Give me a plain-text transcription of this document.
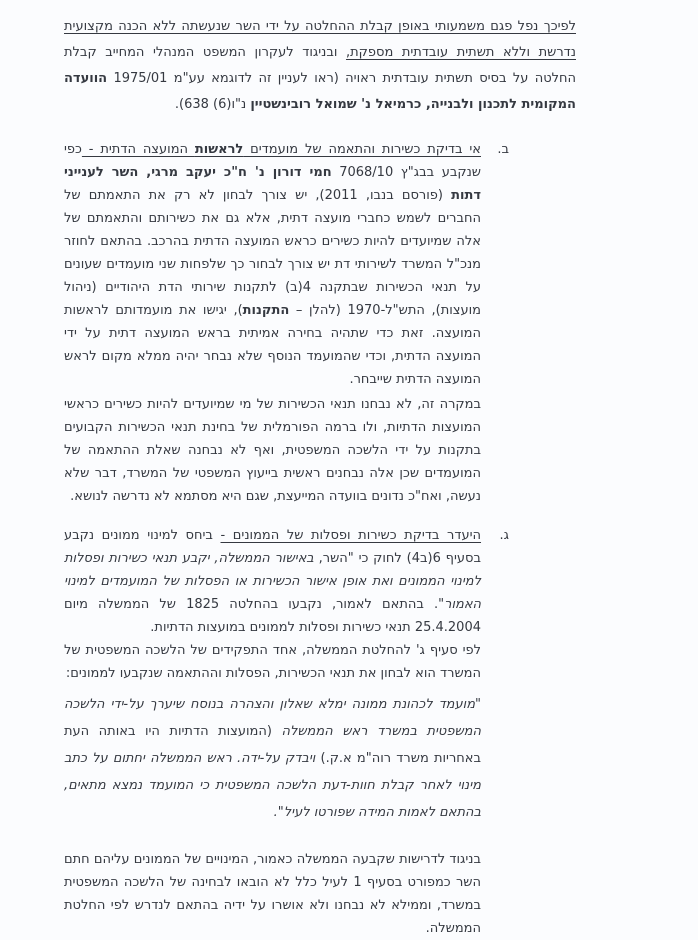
לפיכך נפל פגם משמעותי באופן קבלת ההחלטה על ידי השר שנעשתה ללא הכנה מקצועית נדרשת וללא תשתית עובדתית מספקת, ובניגוד לעקרון המשפט המנהלי המחייב קבלת החלטה על בסיס תשתית עובדתית ראויה (ראו לעניין זה לדוגמא עע"מ 1975/01 הוועדה המקומית לתכנון ולבנייה, כרמיאל נ' שמואל רובינשטיין נ"ו(6) 638).
ב.
אי בדיקת כשירות והתאמה של מועמדים לראשות המועצה הדתית - כפי שנקבע בבג"ץ 7068/10 חמי דורון נ' ח"כ יעקב מרגי, השר לענייני דתות (פורסם בנבו, 2011), יש צורך לבחון לא רק את התאמתם של החברים לשמש כחברי מועצה דתית, אלא גם את כשירותם והתאמתם של אלה שמיועדים להיות כשירים כראש המועצה הדתית בהרכב. בהתאם לחוזר מנכ"ל המשרד לשירותי דת יש צורך לבחור כך שלפחות שני מועמדים שעונים על תנאי הכשירות שבתקנה 4(ב) לתקנות שירותי הדת היהודיים (ניהול מועצות), התש"ל-1970 (להלן – התקנות), יגישו את מועמדותם לראשות המועצה. זאת כדי שתהיה בחירה אמיתית בראש המועצה דתית על ידי המועצה הדתית, וכדי שהמועמד הנוסף שלא נבחר יהיה ממלא מקום לראש המועצה הדתית שייבחר.
במקרה זה, לא נבחנו תנאי הכשירות של מי שמיועדים להיות כשירים כראשי המועצות הדתיות, ולו ברמה הפורמלית של בחינת תנאי הכשירות הקבועים בתקנות על ידי הלשכה המשפטית, ואף לא נבחנה שאלת ההתאמה של המועמדים שכן אלה נבחנים ראשית בייעוץ המשפטי של המשרד, דבר שלא נעשה, ואח"כ נדונים בוועדה המייעצת, שגם היא מסתמא לא נדרשה לנושא.
ג.
היעדר בדיקת כשירות ופסלות של הממונים - ביחס למינוי ממונים נקבע בסעיף 6(ב4) לחוק כי "השר, באישור הממשלה, יקבע תנאי כשירות ופסלות למינוי הממונים ואת אופן אישור הכשירות או הפסלות של המועמדים למינוי האמור". בהתאם לאמור, נקבעו בהחלטה 1825 של הממשלה מיום 25.4.2004 תנאי כשירות ופסלות לממונים במועצות הדתיות.
לפי סעיף ג' להחלטת הממשלה, אחד התפקידים של הלשכה המשפטית של המשרד הוא לבחון את תנאי הכשירות, הפסלות וההתאמה שנקבעו לממונים:
"מועמד לכהונת ממונה ימלא שאלון והצהרה בנוסח שיערך על-ידי הלשכה המשפטית במשרד ראש הממשלה (המועצות הדתיות היו באותה העת באחריות משרד רוה"מ א.ק.) ויבדק על-ידה. ראש הממשלה יחתום על כתב מינוי לאחר קבלת חוות-דעת הלשכה המשפטית כי המועמד נמצא מתאים, בהתאם לאמות המידה שפורטו לעיל".
בניגוד לדרישות שקבעה הממשלה כאמור, המינויים של הממונים עליהם חתם השר כמפורט בסעיף 1 לעיל כלל לא הובאו לבחינה של הלשכה המשפטית במשרד, וממילא לא נבחנו ולא אושרו על ידיה בהתאם לנדרש לפי החלטת הממשלה.
